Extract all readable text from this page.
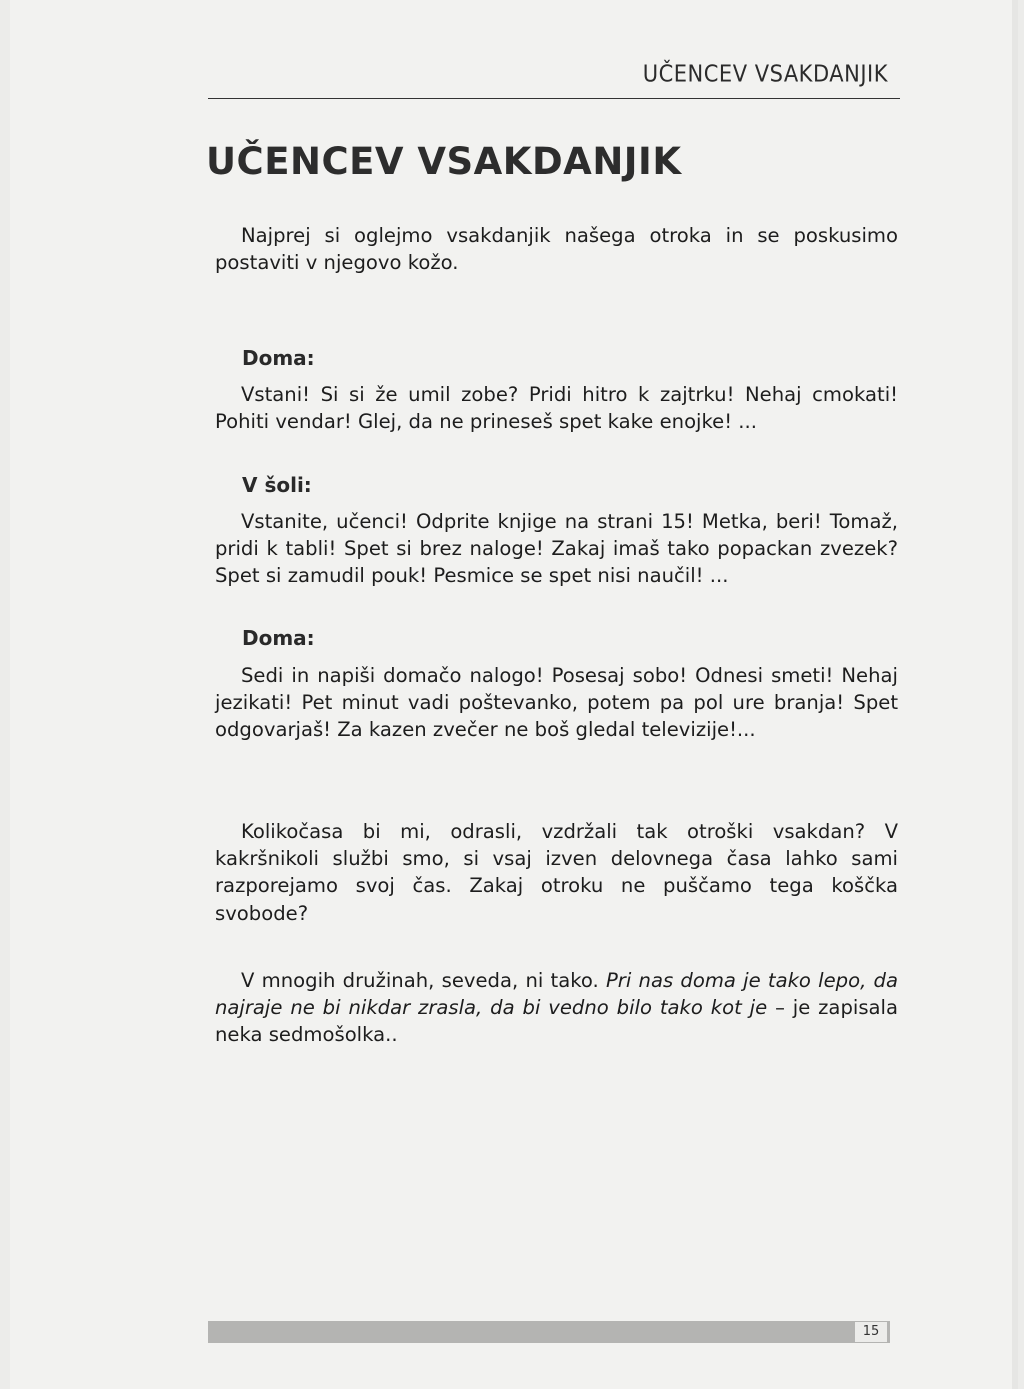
UČENCEV VSAKDANJIK
UČENCEV VSAKDANJIK
Najprej si oglejmo vsakdanjik našega otroka in se poskusimo postaviti v njegovo kožo.
Doma:
Vstani! Si si že umil zobe? Pridi hitro k zajtrku! Nehaj cmokati! Pohiti vendar! Glej, da ne prineseš spet kake enojke! ...
V šoli:
Vstanite, učenci! Odprite knjige na strani 15! Metka, beri! Tomaž, pridi k tabli! Spet si brez naloge! Zakaj imaš tako popackan zvezek? Spet si zamudil pouk! Pesmice se spet nisi naučil! ...
Doma:
Sedi in napiši domačo nalogo! Posesaj sobo! Odnesi smeti! Nehaj jezikati! Pet minut vadi poštevanko, potem pa pol ure branja! Spet odgovarjaš! Za kazen zvečer ne boš gledal televizije!...
Kolikočasa bi mi, odrasli, vzdržali tak otroški vsakdan? V kakršnikoli službi smo, si vsaj izven delovnega časa lahko sami razporejamo svoj čas. Zakaj otroku ne puščamo tega koščka svobode?
V mnogih družinah, seveda, ni tako. Pri nas doma je tako lepo, da najraje ne bi nikdar zrasla, da bi vedno bilo tako kot je – je zapisala neka sedmošolka..
15
